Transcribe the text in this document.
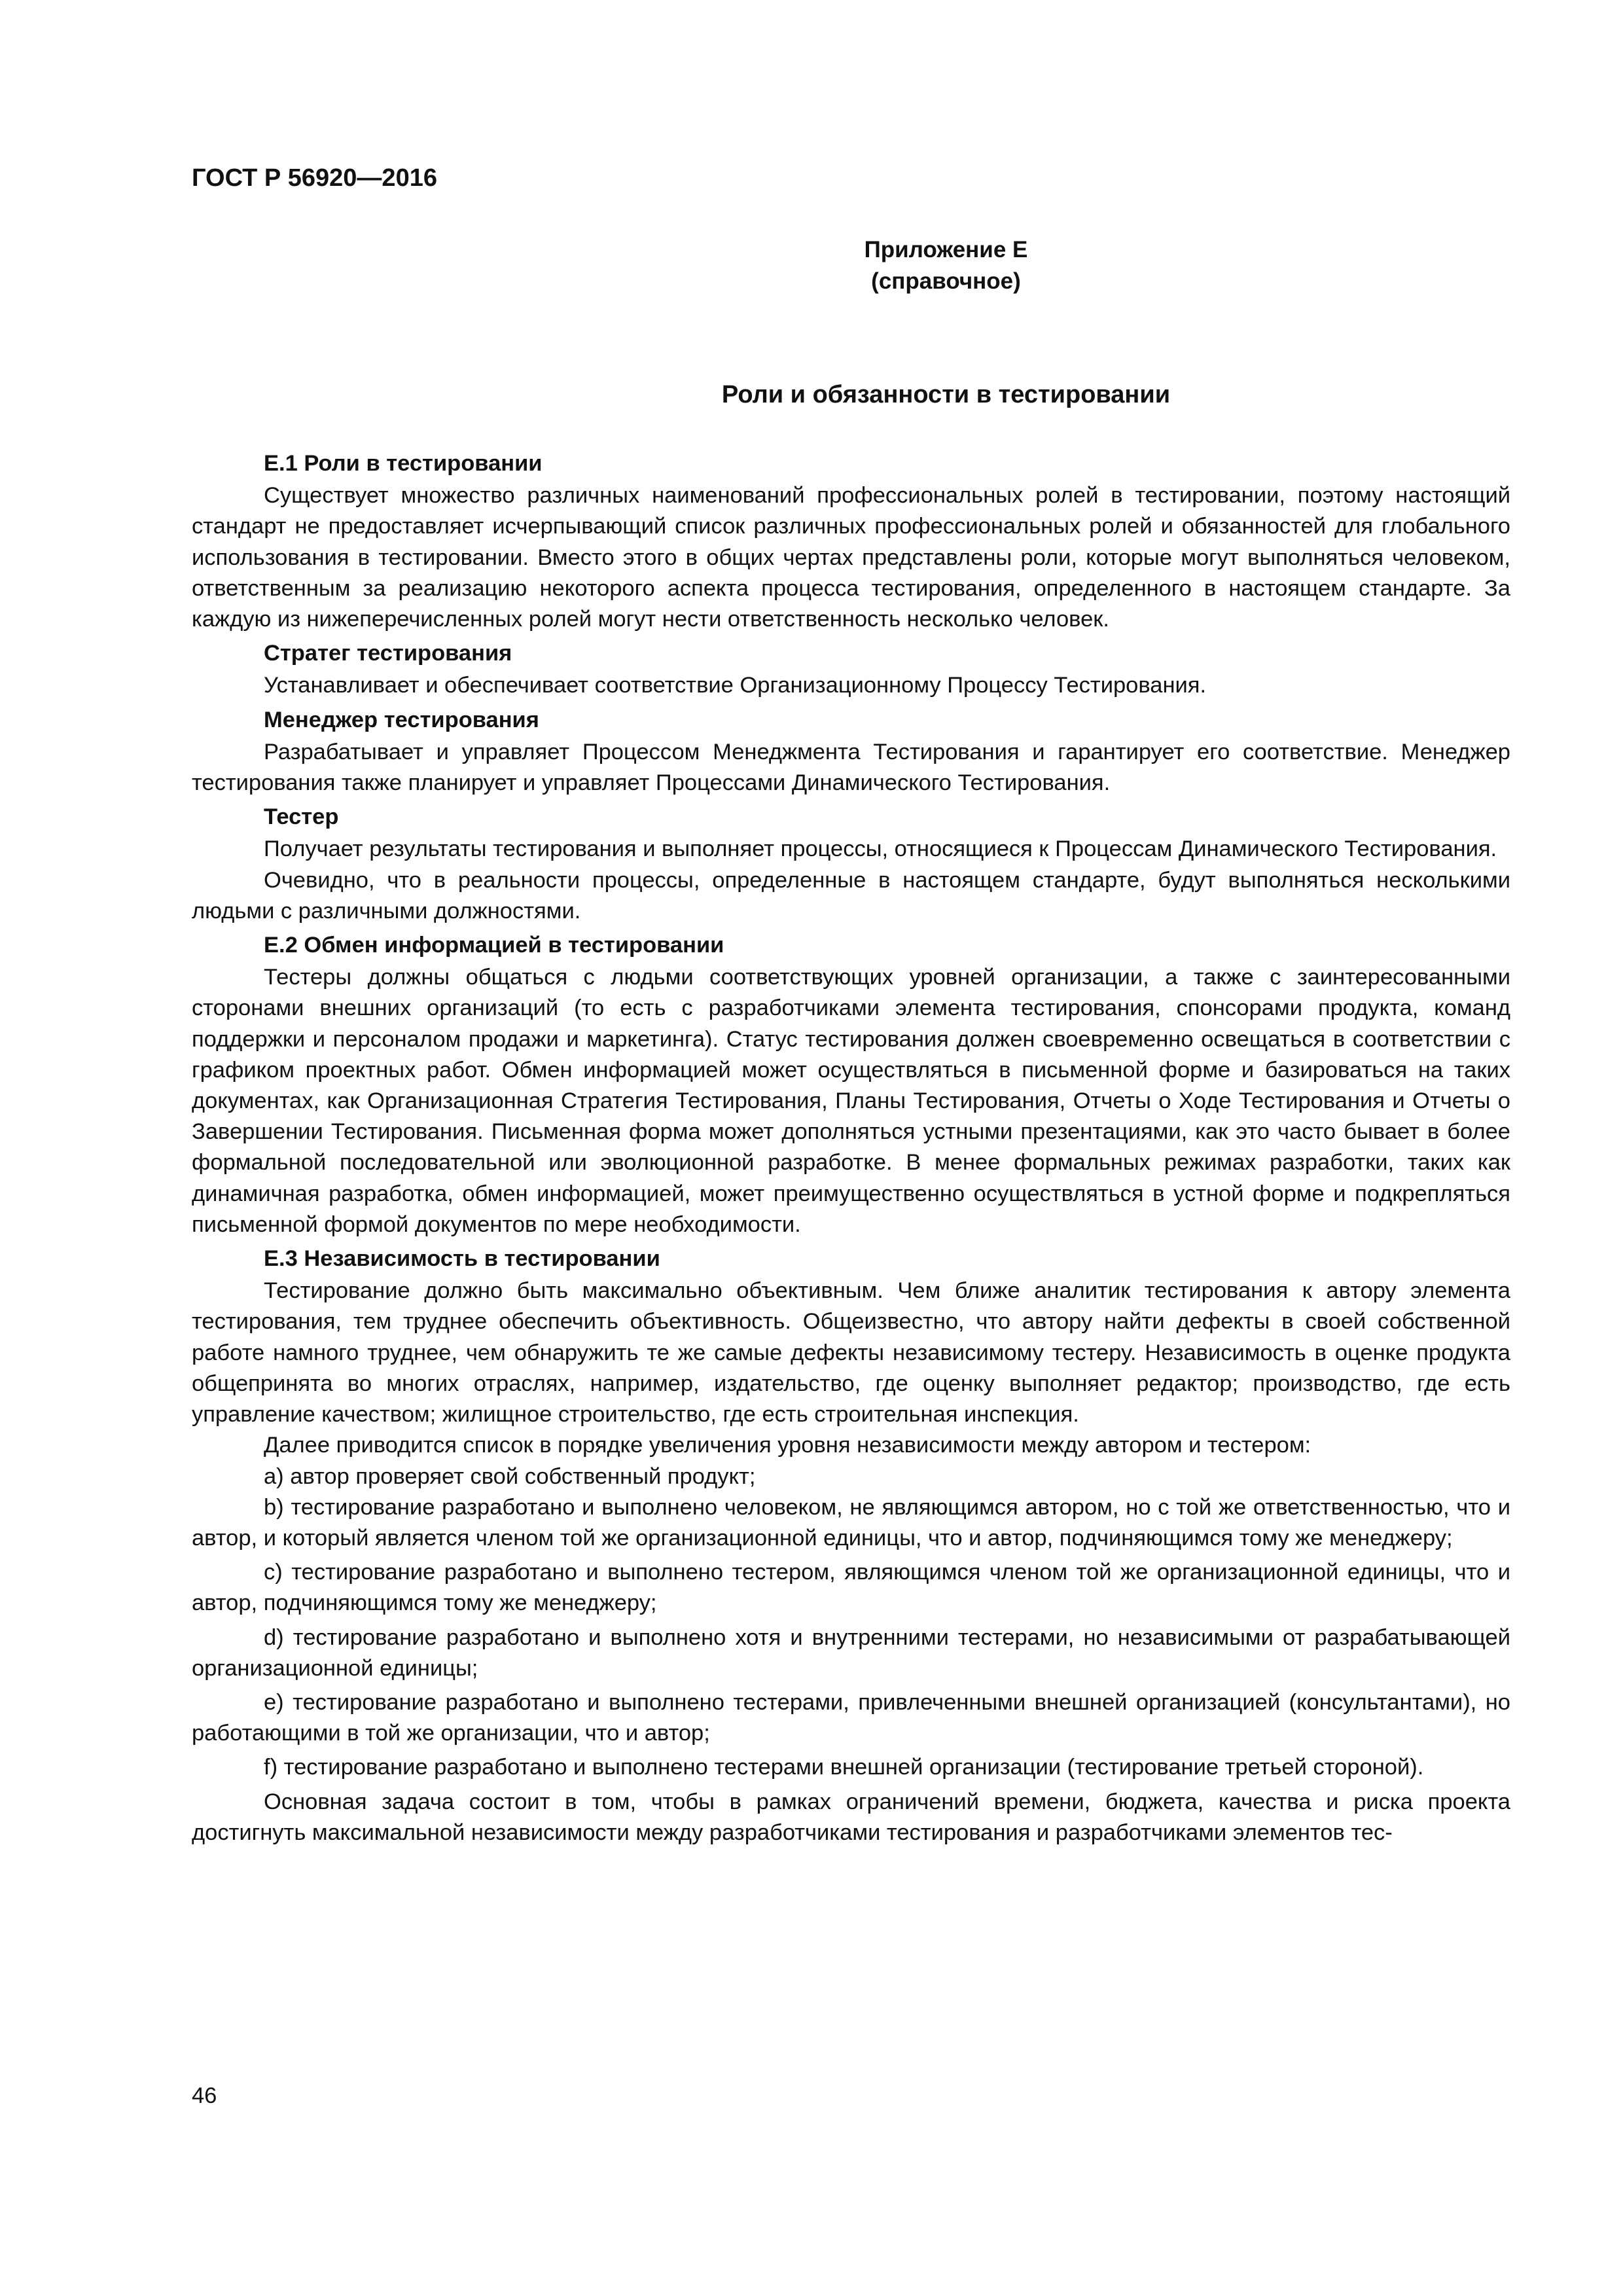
ГОСТ Р 56920—2016
Приложение Е
(справочное)
Роли и обязанности в тестировании
Е.1 Роли в тестировании

Существует множество различных наименований профессиональных ролей в тестировании, поэтому настоящий стандарт не предоставляет исчерпывающий список различных профессиональных ролей и обязанностей для глобального использования в тестировании. Вместо этого в общих чертах представлены роли, которые могут выполняться человеком, ответственным за реализацию некоторого аспекта процесса тестирования, определенного в настоящем стандарте. За каждую из нижеперечисленных ролей могут нести ответственность несколько человек.

Стратег тестирования

Устанавливает и обеспечивает соответствие Организационному Процессу Тестирования.

Менеджер тестирования

Разрабатывает и управляет Процессом Менеджмента Тестирования и гарантирует его соответствие. Менеджер тестирования также планирует и управляет Процессами Динамического Тестирования.

Тестер

Получает результаты тестирования и выполняет процессы, относящиеся к Процессам Динамического Тестирования.

Очевидно, что в реальности процессы, определенные в настоящем стандарте, будут выполняться несколькими людьми с различными должностями.

Е.2 Обмен информацией в тестировании

Тестеры должны общаться с людьми соответствующих уровней организации, а также с заинтересованными сторонами внешних организаций (то есть с разработчиками элемента тестирования, спонсорами продукта, команд поддержки и персоналом продажи и маркетинга). Статус тестирования должен своевременно освещаться в соответствии с графиком проектных работ. Обмен информацией может осуществляться в письменной форме и базироваться на таких документах, как Организационная Стратегия Тестирования, Планы Тестирования, Отчеты о Ходе Тестирования и Отчеты о Завершении Тестирования. Письменная форма может дополняться устными презентациями, как это часто бывает в более формальной последовательной или эволюционной разработке. В менее формальных режимах разработки, таких как динамичная разработка, обмен информацией, может преимущественно осуществляться в устной форме и подкрепляться письменной формой документов по мере необходимости.

Е.3 Независимость в тестировании

Тестирование должно быть максимально объективным. Чем ближе аналитик тестирования к автору элемента тестирования, тем труднее обеспечить объективность. Общеизвестно, что автору найти дефекты в своей собственной работе намного труднее, чем обнаружить те же самые дефекты независимому тестеру. Независимость в оценке продукта общепринята во многих отраслях, например, издательство, где оценку выполняет редактор; производство, где есть управление качеством; жилищное строительство, где есть строительная инспекция.

Далее приводится список в порядке увеличения уровня независимости между автором и тестером:

a) автор проверяет свой собственный продукт;

b) тестирование разработано и выполнено человеком, не являющимся автором, но с той же ответственностью, что и автор, и который является членом той же организационной единицы, что и автор, подчиняющимся тому же менеджеру;

c) тестирование разработано и выполнено тестером, являющимся членом той же организационной единицы, что и автор, подчиняющимся тому же менеджеру;

d) тестирование разработано и выполнено хотя и внутренними тестерами, но независимыми от разрабатывающей организационной единицы;

e) тестирование разработано и выполнено тестерами, привлеченными внешней организацией (консультантами), но работающими в той же организации, что и автор;

f) тестирование разработано и выполнено тестерами внешней организации (тестирование третьей стороной).

Основная задача состоит в том, чтобы в рамках ограничений времени, бюджета, качества и риска проекта достигнуть максимальной независимости между разработчиками тестирования и разработчиками элементов тес-

46
